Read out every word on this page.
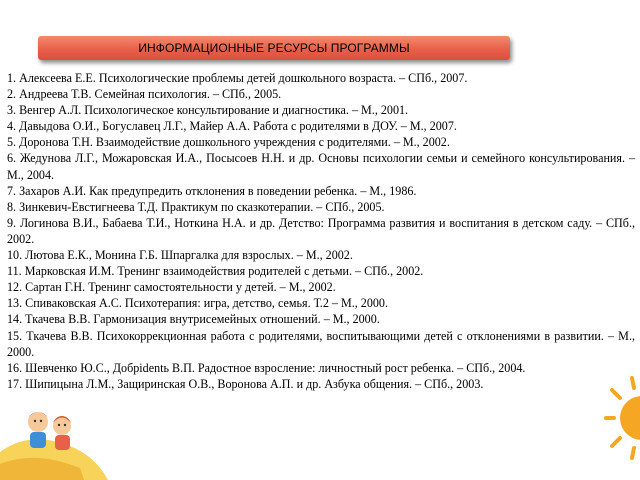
ИНФОРМАЦИОННЫЕ РЕСУРСЫ ПРОГРАММЫ

1. Алексеева Е.Е. Психологические проблемы детей дошкольного возраста. – СПб., 2007.

2. Андреева Т.В. Семейная психология. – СПб., 2005.

3. Венгер А.Л. Психологическое консультирование и диагностика. – М., 2001.

4. Давыдова О.И., Богуславец Л.Г., Майер А.А. Работа с родителями в ДОУ. – М., 2007.

5. Доронова Т.Н. Взаимодействие дошкольного учреждения с родителями. – М., 2002.

6. Жедунова Л.Г., Можаровская И.А., Посысоев Н.Н. и др. Основы психологии семьи и семейного консультирования. – М., 2004.

7. Захаров А.И. Как предупредить отклонения в поведении ребенка. – М., 1986.

8. Зинкевич-Евстигнеева Т.Д. Практикум по сказкотерапии. – СПб., 2005.

9. Логинова В.И., Бабаева Т.И., Ноткина Н.А. и др. Детство: Программа развития и воспитания в детском саду. – СПб., 2002.

10. Лютова Е.К., Монина Г.Б. Шпаргалка для взрослых. – М., 2002.

11. Марковская И.М. Тренинг взаимодействия родителей с детьми. – СПб., 2002.

12. Сартан Г.Н. Тренинг самостоятельности у детей. – М., 2002.

13. Спиваковская А.С. Психотерапия: игра, детство, семья. Т.2 – М., 2000.

14. Ткачева В.В. Гармонизация внутрисемейных отношений. – М., 2000.

15. Ткачева В.В. Психокоррекционная работа с родителями, воспитывающими детей с отклонениями в развитии. – М., 2000.

16. Шевченко Ю.С., Добрidentь В.П. Радостное взросление: личностный рост ребенка. – СПб., 2004.

17. Шипицына Л.М., Защиринская О.В., Воронова А.П. и др. Азбука общения. – СПб., 2003.
